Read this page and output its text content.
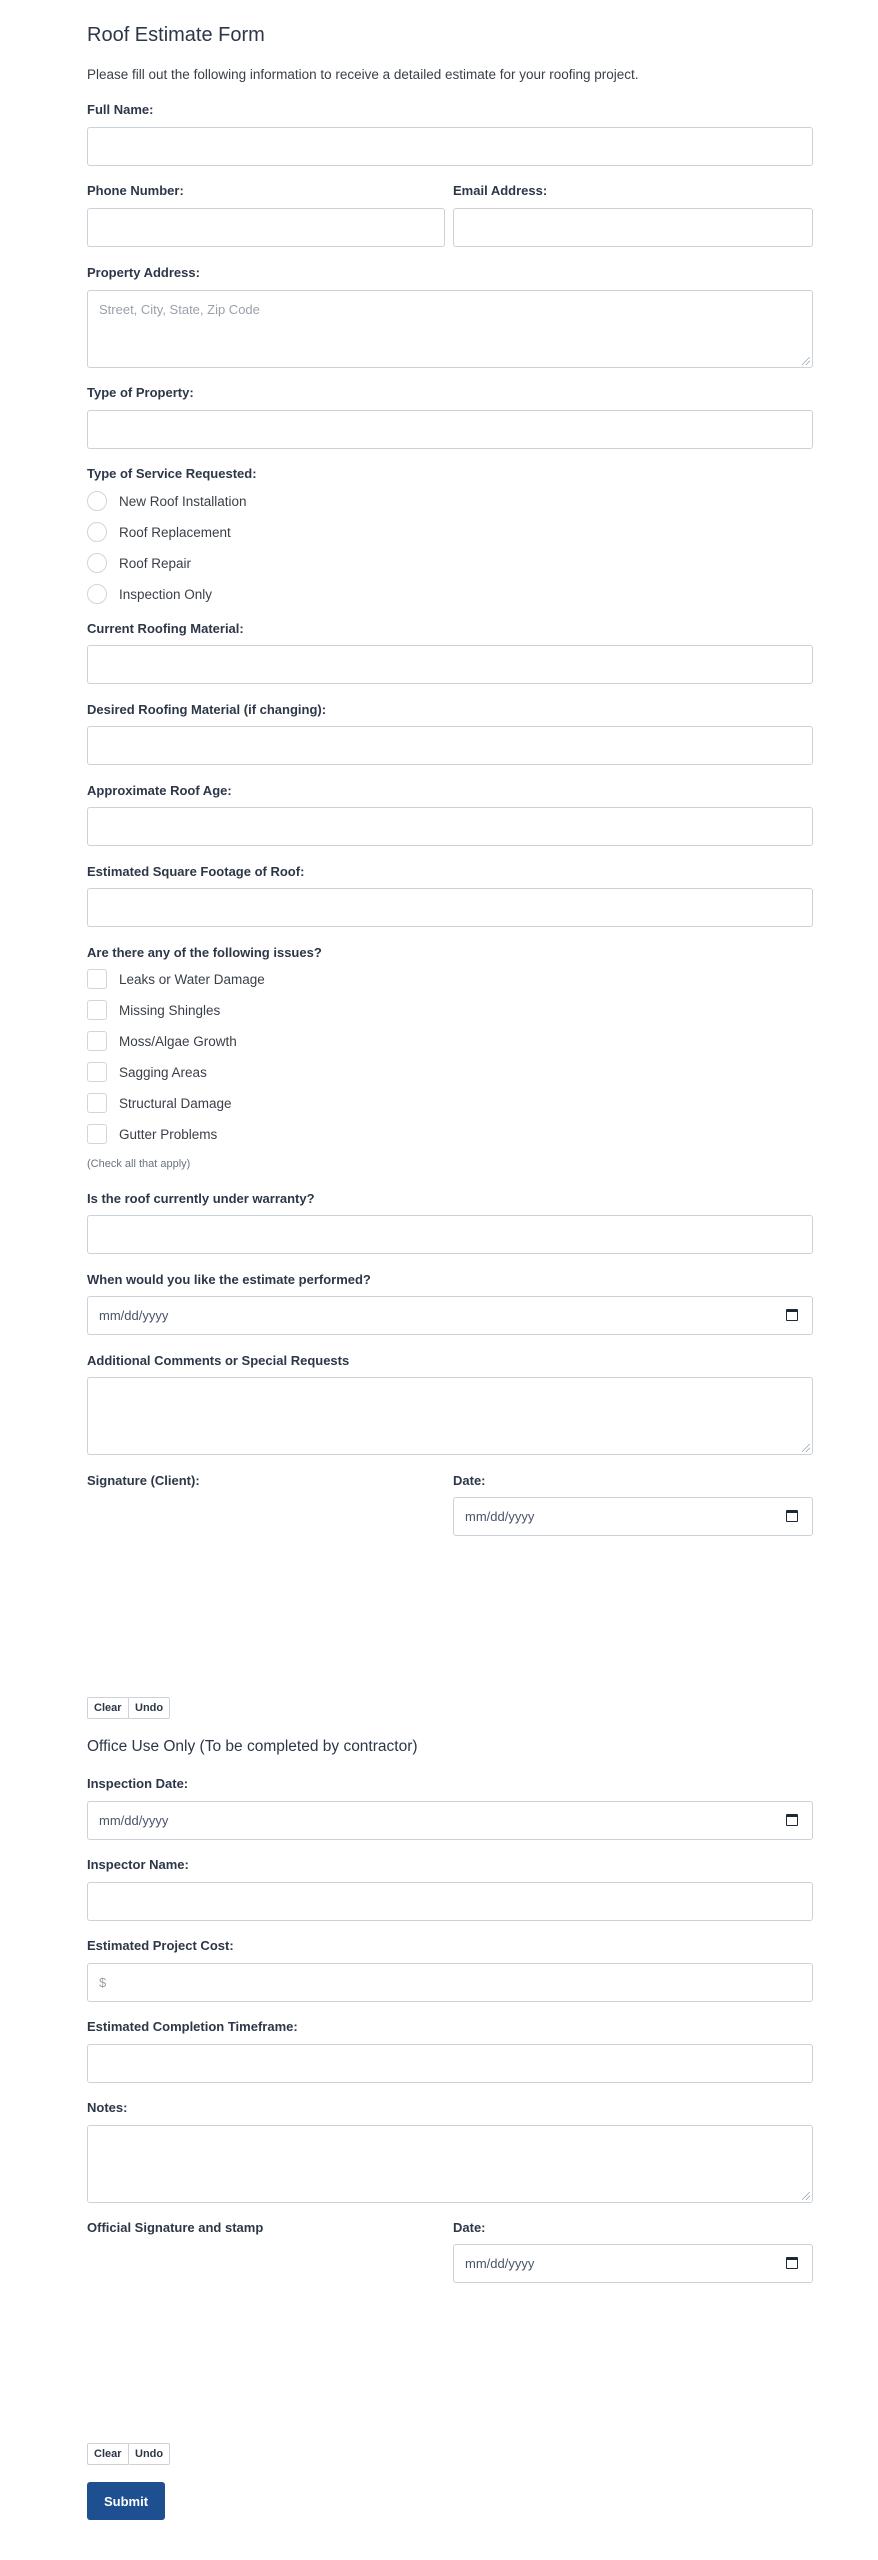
Roof Estimate Form
Please fill out the following information to receive a detailed estimate for your roofing project.
Full Name:
Phone Number:	Email Address:
Property Address:
Street, City, State, Zip Code
Type of Property:
Type of Service Requested:
New Roof Installation
Roof Replacement
Roof Repair
Inspection Only
Current Roofing Material:
Desired Roofing Material (if changing):
Approximate Roof Age:
Estimated Square Footage of Roof:
Are there any of the following issues?
Leaks or Water Damage
Missing Shingles
Moss/Algae Growth
Sagging Areas
Structural Damage
Gutter Problems
(Check all that apply)
Is the roof currently under warranty?
When would you like the estimate performed?
mm/dd/yyyy
Additional Comments or Special Requests
Signature (Client):	Date:
mm/dd/yyyy
Clear	Undo
Office Use Only (To be completed by contractor)
Inspection Date:
mm/dd/yyyy
Inspector Name:
Estimated Project Cost:
$
Estimated Completion Timeframe:
Notes:
Official Signature and stamp	Date:
mm/dd/yyyy
Clear	Undo
Submit
